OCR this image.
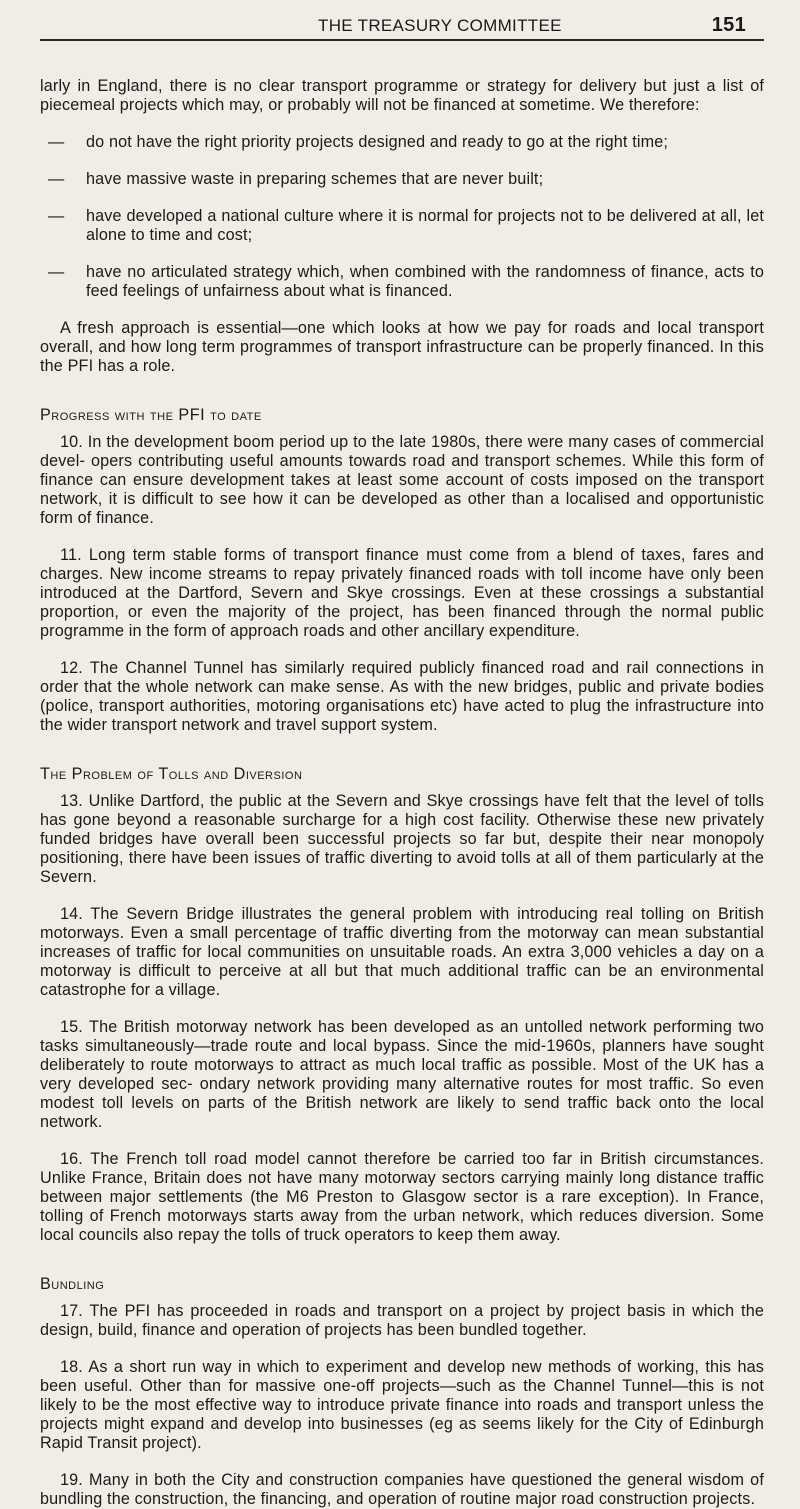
THE TREASURY COMMITTEE	151

larly in England, there is no clear transport programme or strategy for delivery but just a list of piecemeal projects which may, or probably will not be financed at sometime. We therefore:

—	do not have the right priority projects designed and ready to go at the right time;
—	have massive waste in preparing schemes that are never built;
—	have developed a national culture where it is normal for projects not to be delivered at all, let alone to time and cost;
—	have no articulated strategy which, when combined with the randomness of finance, acts to feed feelings of unfairness about what is financed.

A fresh approach is essential—one which looks at how we pay for roads and local transport overall, and how long term programmes of transport infrastructure can be properly financed. In this the PFI has a role.

Progress with the PFI to date

10. In the development boom period up to the late 1980s, there were many cases of commercial devel- opers contributing useful amounts towards road and transport schemes. While this form of finance can ensure development takes at least some account of costs imposed on the transport network, it is difficult to see how it can be developed as other than a localised and opportunistic form of finance.

11. Long term stable forms of transport finance must come from a blend of taxes, fares and charges. New income streams to repay privately financed roads with toll income have only been introduced at the Dartford, Severn and Skye crossings. Even at these crossings a substantial proportion, or even the majority of the project, has been financed through the normal public programme in the form of approach roads and other ancillary expenditure.

12. The Channel Tunnel has similarly required publicly financed road and rail connections in order that the whole network can make sense. As with the new bridges, public and private bodies (police, transport authorities, motoring organisations etc) have acted to plug the infrastructure into the wider transport network and travel support system.

The Problem of Tolls and Diversion

13. Unlike Dartford, the public at the Severn and Skye crossings have felt that the level of tolls has gone beyond a reasonable surcharge for a high cost facility. Otherwise these new privately funded bridges have overall been successful projects so far but, despite their near monopoly positioning, there have been issues of traffic diverting to avoid tolls at all of them particularly at the Severn.

14. The Severn Bridge illustrates the general problem with introducing real tolling on British motorways. Even a small percentage of traffic diverting from the motorway can mean substantial increases of traffic for local communities on unsuitable roads. An extra 3,000 vehicles a day on a motorway is difficult to perceive at all but that much additional traffic can be an environmental catastrophe for a village.

15. The British motorway network has been developed as an untolled network performing two tasks simultaneously—trade route and local bypass. Since the mid-1960s, planners have sought deliberately to route motorways to attract as much local traffic as possible. Most of the UK has a very developed sec- ondary network providing many alternative routes for most traffic. So even modest toll levels on parts of the British network are likely to send traffic back onto the local network.

16. The French toll road model cannot therefore be carried too far in British circumstances. Unlike France, Britain does not have many motorway sectors carrying mainly long distance traffic between major settlements (the M6 Preston to Glasgow sector is a rare exception). In France, tolling of French motorways starts away from the urban network, which reduces diversion. Some local councils also repay the tolls of truck operators to keep them away.

Bundling

17. The PFI has proceeded in roads and transport on a project by project basis in which the design, build, finance and operation of projects has been bundled together.

18. As a short run way in which to experiment and develop new methods of working, this has been useful. Other than for massive one-off projects—such as the Channel Tunnel—this is not likely to be the most effective way to introduce private finance into roads and transport unless the projects might expand and develop into businesses (eg as seems likely for the City of Edinburgh Rapid Transit project).

19. Many in both the City and construction companies have questioned the general wisdom of bundling the construction, the financing, and operation of routine major road construction projects.
